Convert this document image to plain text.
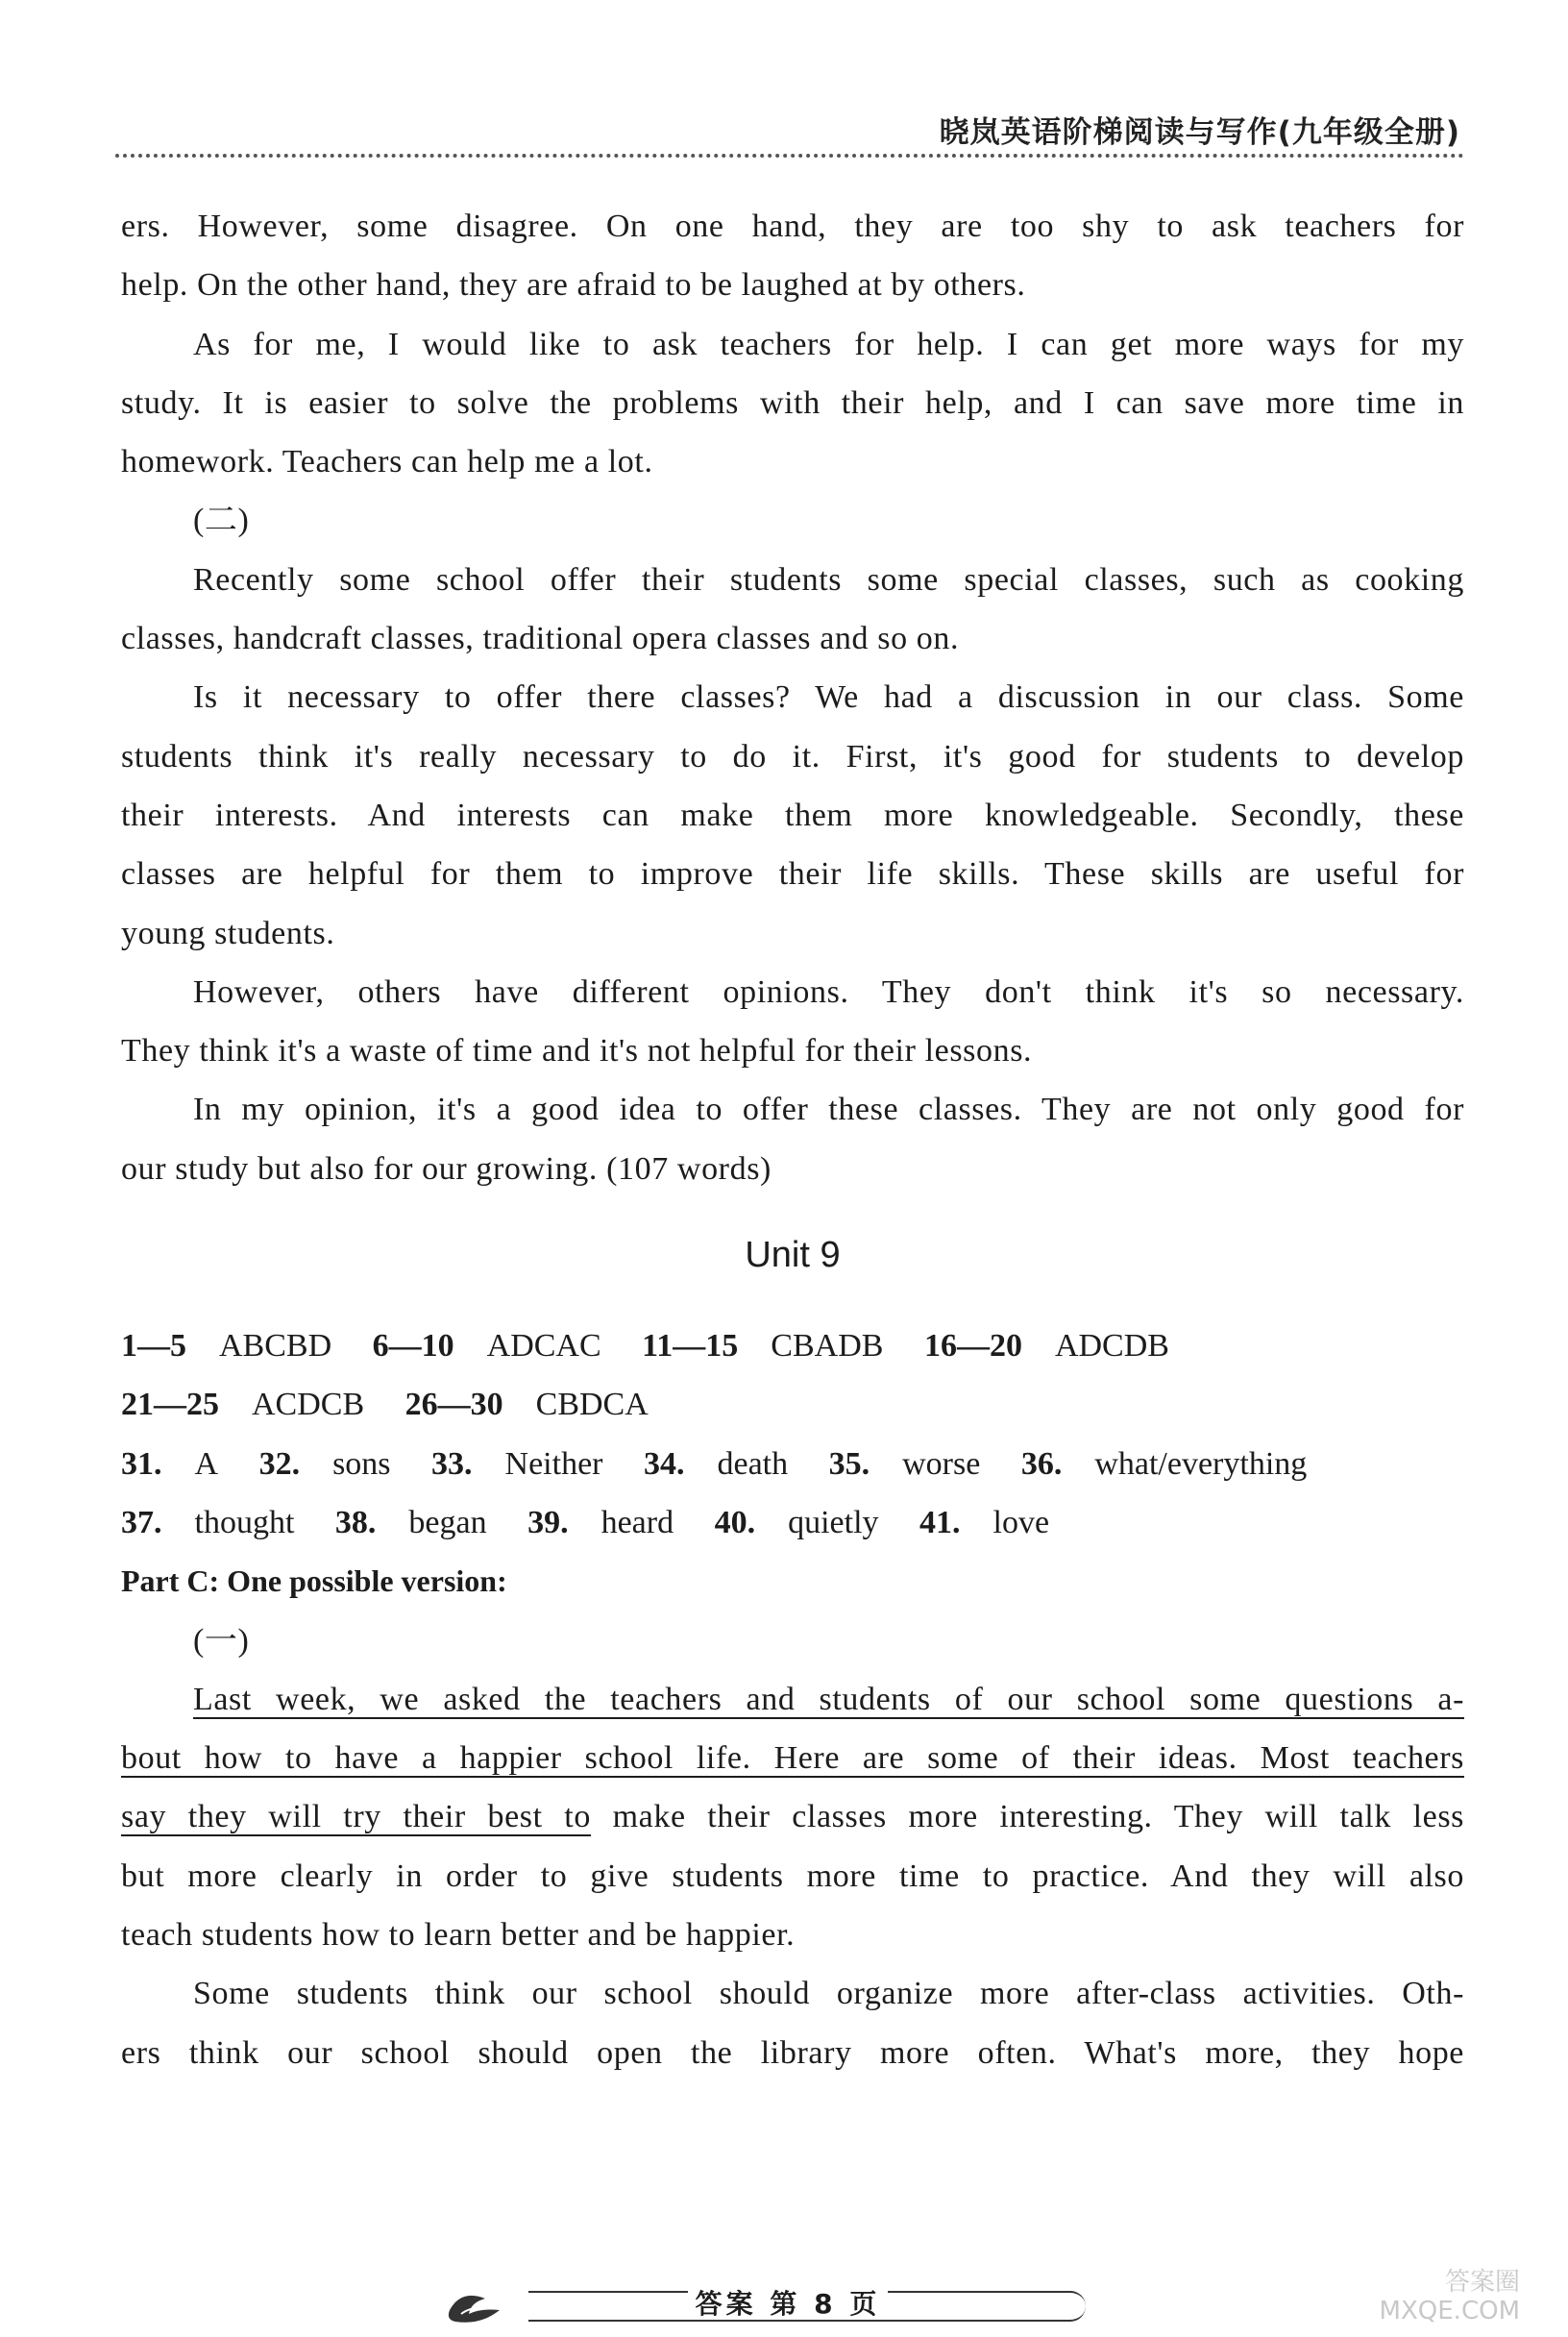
晓岚英语阶梯阅读与写作(九年级全册)
ers. However, some disagree. On one hand, they are too shy to ask teachers for
help. On the other hand, they are afraid to be laughed at by others.
As for me, I would like to ask teachers for help. I can get more ways for my
study. It is easier to solve the problems with their help, and I can save more time in
homework. Teachers can help me a lot.
(二)
Recently some school offer their students some special classes, such as cooking
classes, handcraft classes, traditional opera classes and so on.
Is it necessary to offer there classes? We had a discussion in our class. Some
students think it's really necessary to do it. First, it's good for students to develop
their interests. And interests can make them more knowledgeable. Secondly, these
classes are helpful for them to improve their life skills. These skills are useful for
young students.
However, others have different opinions. They don't think it's so necessary.
They think it's a waste of time and it's not helpful for their lessons.
In my opinion, it's a good idea to offer these classes. They are not only good for
our study but also for our growing. (107 words)
Unit 9
1—5 ABCBD 6—10 ADCAC 11—15 CBADB 16—20 ADCDB
21—25 ACDCB 26—30 CBDCA
31. A 32. sons 33. Neither 34. death 35. worse 36. what/everything
37. thought 38. began 39. heard 40. quietly 41. love
Part C: One possible version:
(一)
Last week, we asked the teachers and students of our school some questions a-
bout how to have a happier school life. Here are some of their ideas. Most teachers
say they will try their best to make their classes more interesting. They will talk less
but more clearly in order to give students more time to practice. And they will also
teach students how to learn better and be happier.
Some students think our school should organize more after-class activities. Oth-
ers think our school should open the library more often. What's more, they hope
答案 第 8 页
答案圈
MXQE.COM
